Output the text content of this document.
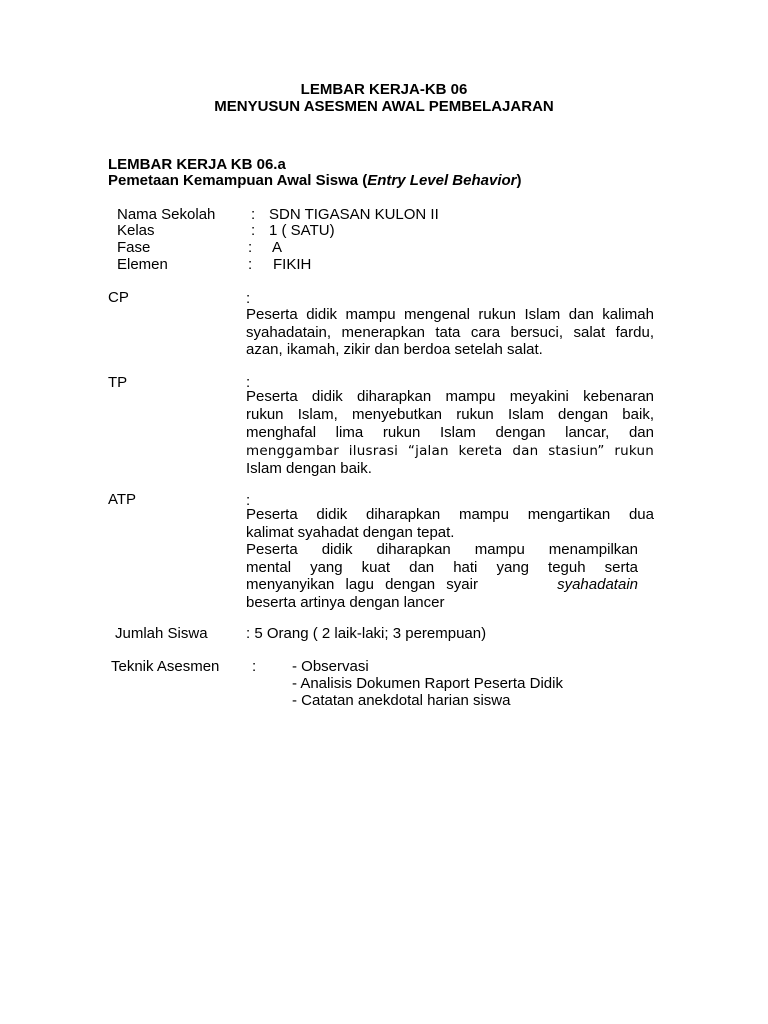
LEMBAR KERJA-KB 06
MENYUSUN ASESMEN AWAL PEMBELAJARAN
LEMBAR KERJA KB 06.a
Pemetaan Kemampuan Awal Siswa (Entry Level Behavior)
Nama Sekolah : SDN TIGASAN KULON II
Kelas	: 1 ( SATU)
Fase	: A
Elemen	: FIKIH
CP	:
Peserta didik mampu mengenal rukun Islam dan kalimah
syahadatain, menerapkan tata cara bersuci, salat fardu,
azan, ikamah, zikir dan berdoa setelah salat.
TP	:
Peserta didik diharapkan mampu meyakini kebenaran
rukun Islam, menyebutkan rukun Islam dengan baik,
menghafal lima rukun Islam dengan lancar, dan
menggambar ilusrasi “jalan kereta dan stasiun” rukun
Islam dengan baik.
ATP	:
Peserta didik diharapkan mampu mengartikan dua
kalimat syahadat dengan tepat.
Peserta didik diharapkan mampu menampilkan
mental yang kuat dan hati yang teguh serta
menyanyikan lagu dengan syair	syahadatain
beserta artinya dengan lancer
Jumlah Siswa	: 5 Orang ( 2 laik-laki; 3 perempuan)
Teknik Asesmen : - Observasi
- Analisis Dokumen Raport Peserta Didik
- Catatan anekdotal harian siswa
